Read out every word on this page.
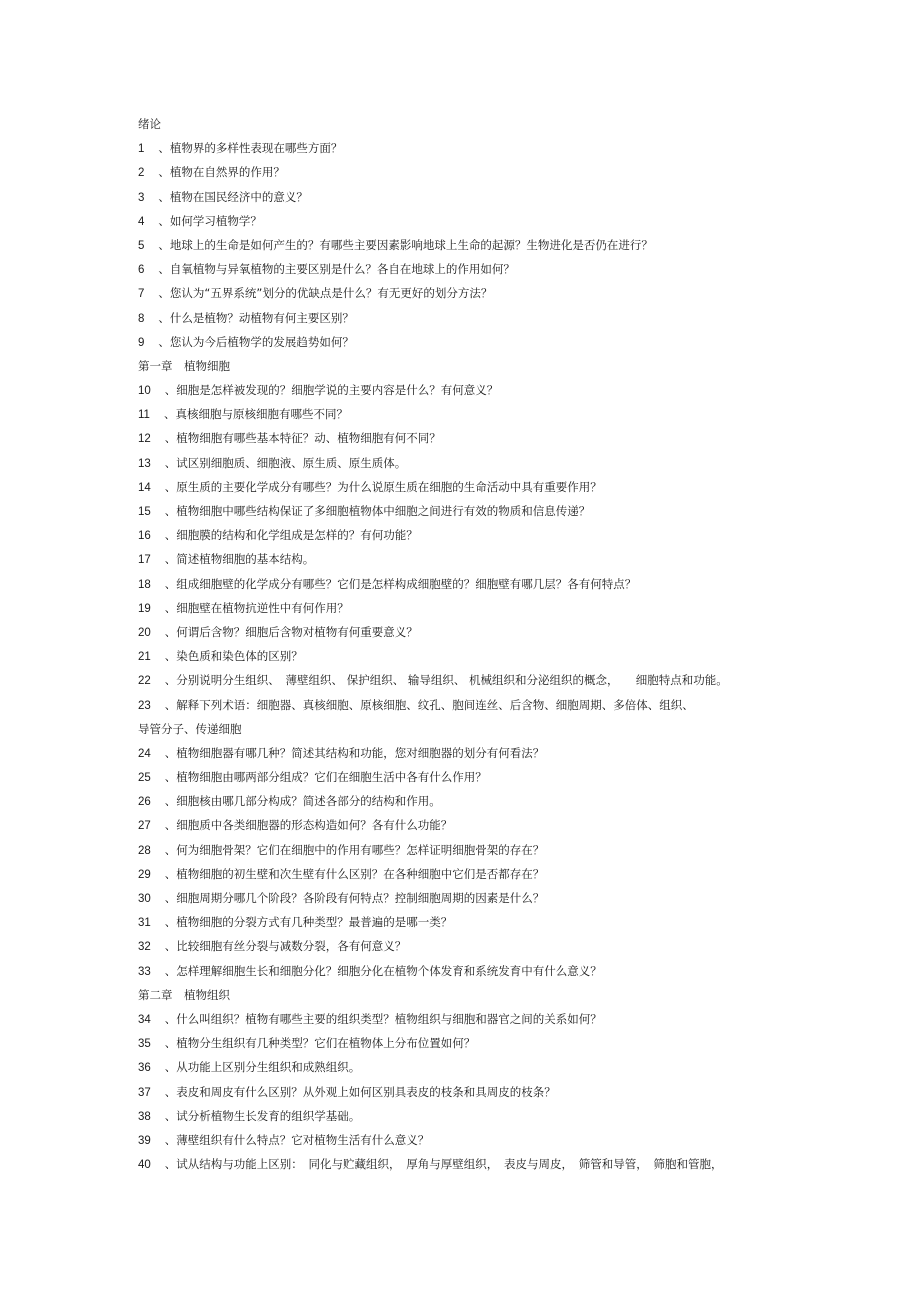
绪论
1 、植物界的多样性表现在哪些方面？
2 、植物在自然界的作用？
3 、植物在国民经济中的意义？
4 、如何学习植物学？
5 、地球上的生命是如何产生的？有哪些主要因素影响地球上生命的起源？生物进化是否仍在进行？
6 、自氧植物与异氧植物的主要区别是什么？各自在地球上的作用如何？
7 、您认为“五界系统”划分的优缺点是什么？有无更好的划分方法？
8 、什么是植物？动植物有何主要区别？
9 、您认为今后植物学的发展趋势如何？
第一章　植物细胞
10 、细胞是怎样被发现的？细胞学说的主要内容是什么？有何意义？
11 、真核细胞与原核细胞有哪些不同？
12 、植物细胞有哪些基本特征？动、植物细胞有何不同？
13 、试区别细胞质、细胞液、原生质、原生质体。
14 、原生质的主要化学成分有哪些？为什么说原生质在细胞的生命活动中具有重要作用？
15 、植物细胞中哪些结构保证了多细胞植物体中细胞之间进行有效的物质和信息传递？
16 、细胞膜的结构和化学组成是怎样的？有何功能？
17 、简述植物细胞的基本结构。
18 、组成细胞壁的化学成分有哪些？它们是怎样构成细胞壁的？细胞壁有哪几层？各有何特点？
19 、细胞壁在植物抗逆性中有何作用？
20 、何谓后含物？细胞后含物对植物有何重要意义？
21 、染色质和染色体的区别？
22 、分别说明分生组织、　薄壁组织、 保护组织、 输导组织、 机械组织和分泌组织的概念，　　细胞特点和功能。
23 、解释下列术语：细胞器、真核细胞、原核细胞、纹孔、胞间连丝、后含物、细胞周期、多倍体、组织、
导管分子、传递细胞
24 、植物细胞器有哪几种？简述其结构和功能，您对细胞器的划分有何看法？
25 、植物细胞由哪两部分组成？它们在细胞生活中各有什么作用？
26 、细胞核由哪几部分构成？简述各部分的结构和作用。
27 、细胞质中各类细胞器的形态构造如何？各有什么功能？
28 、何为细胞骨架？它们在细胞中的作用有哪些？怎样证明细胞骨架的存在？
29 、植物细胞的初生壁和次生壁有什么区别？在各种细胞中它们是否都存在？
30 、细胞周期分哪几个阶段？各阶段有何特点？控制细胞周期的因素是什么？
31 、植物细胞的分裂方式有几种类型？最普遍的是哪一类？
32 、比较细胞有丝分裂与减数分裂，各有何意义？
33 、怎样理解细胞生长和细胞分化？细胞分化在植物个体发育和系统发育中有什么意义？
第二章　植物组织
34 、什么叫组织？植物有哪些主要的组织类型？植物组织与细胞和器官之间的关系如何？
35 、植物分生组织有几种类型？它们在植物体上分布位置如何？
36 、从功能上区别分生组织和成熟组织。
37 、表皮和周皮有什么区别？从外观上如何区别具表皮的枝条和具周皮的枝条？
38 、试分析植物生长发育的组织学基础。
39 、薄壁组织有什么特点？它对植物生活有什么意义？
40 、试从结构与功能上区别：　同化与贮藏组织，　厚角与厚壁组织，　表皮与周皮，　筛管和导管，　筛胞和管胞，
